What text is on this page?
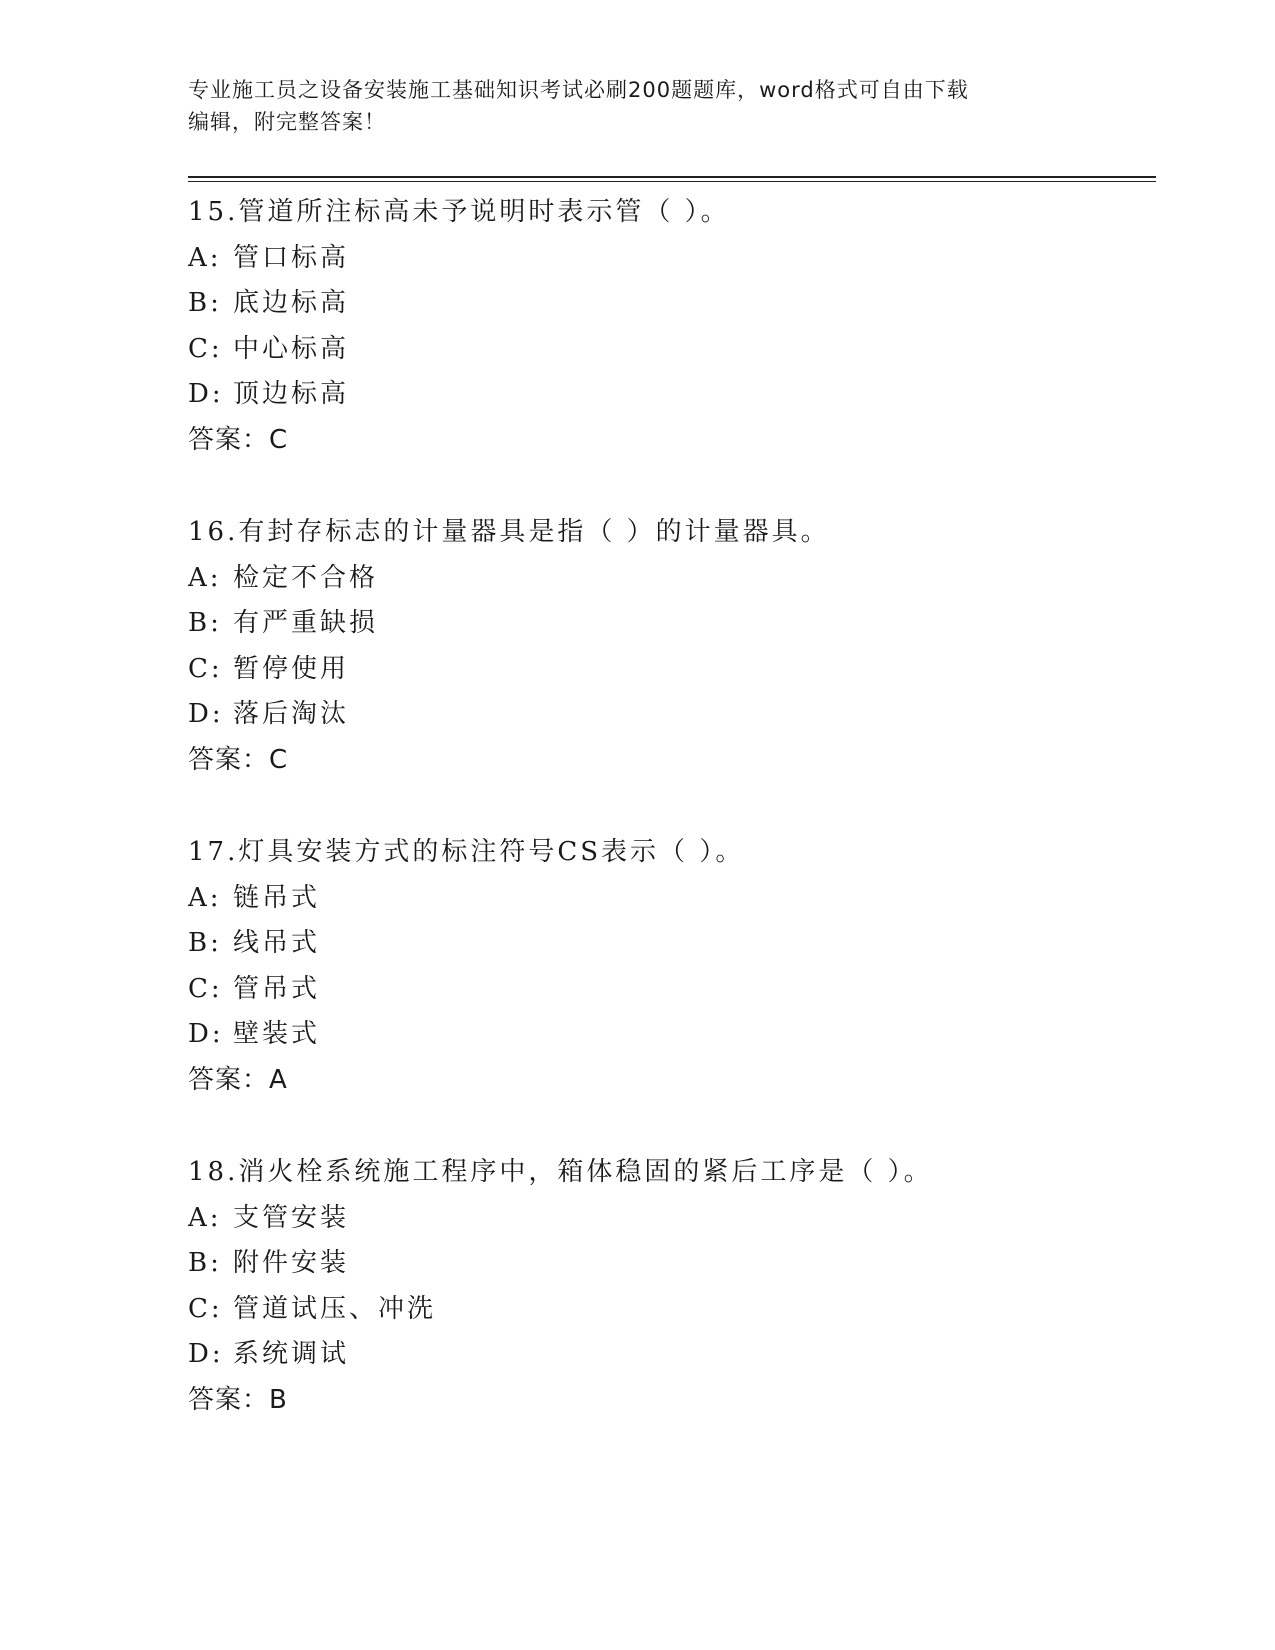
专业施工员之设备安装施工基础知识考试必刷200题题库，word格式可自由下载
编辑，附完整答案！
15.管道所注标高未予说明时表示管（ ）。
A: 管口标高
B: 底边标高
C: 中心标高
D: 顶边标高
答案：C
16.有封存标志的计量器具是指（ ）的计量器具。
A: 检定不合格
B: 有严重缺损
C: 暂停使用
D: 落后淘汰
答案：C
17.灯具安装方式的标注符号CS表示（ ）。
A: 链吊式
B: 线吊式
C: 管吊式
D: 壁装式
答案：A
18.消火栓系统施工程序中，箱体稳固的紧后工序是（ ）。
A: 支管安装
B: 附件安装
C: 管道试压、冲洗
D: 系统调试
答案：B
